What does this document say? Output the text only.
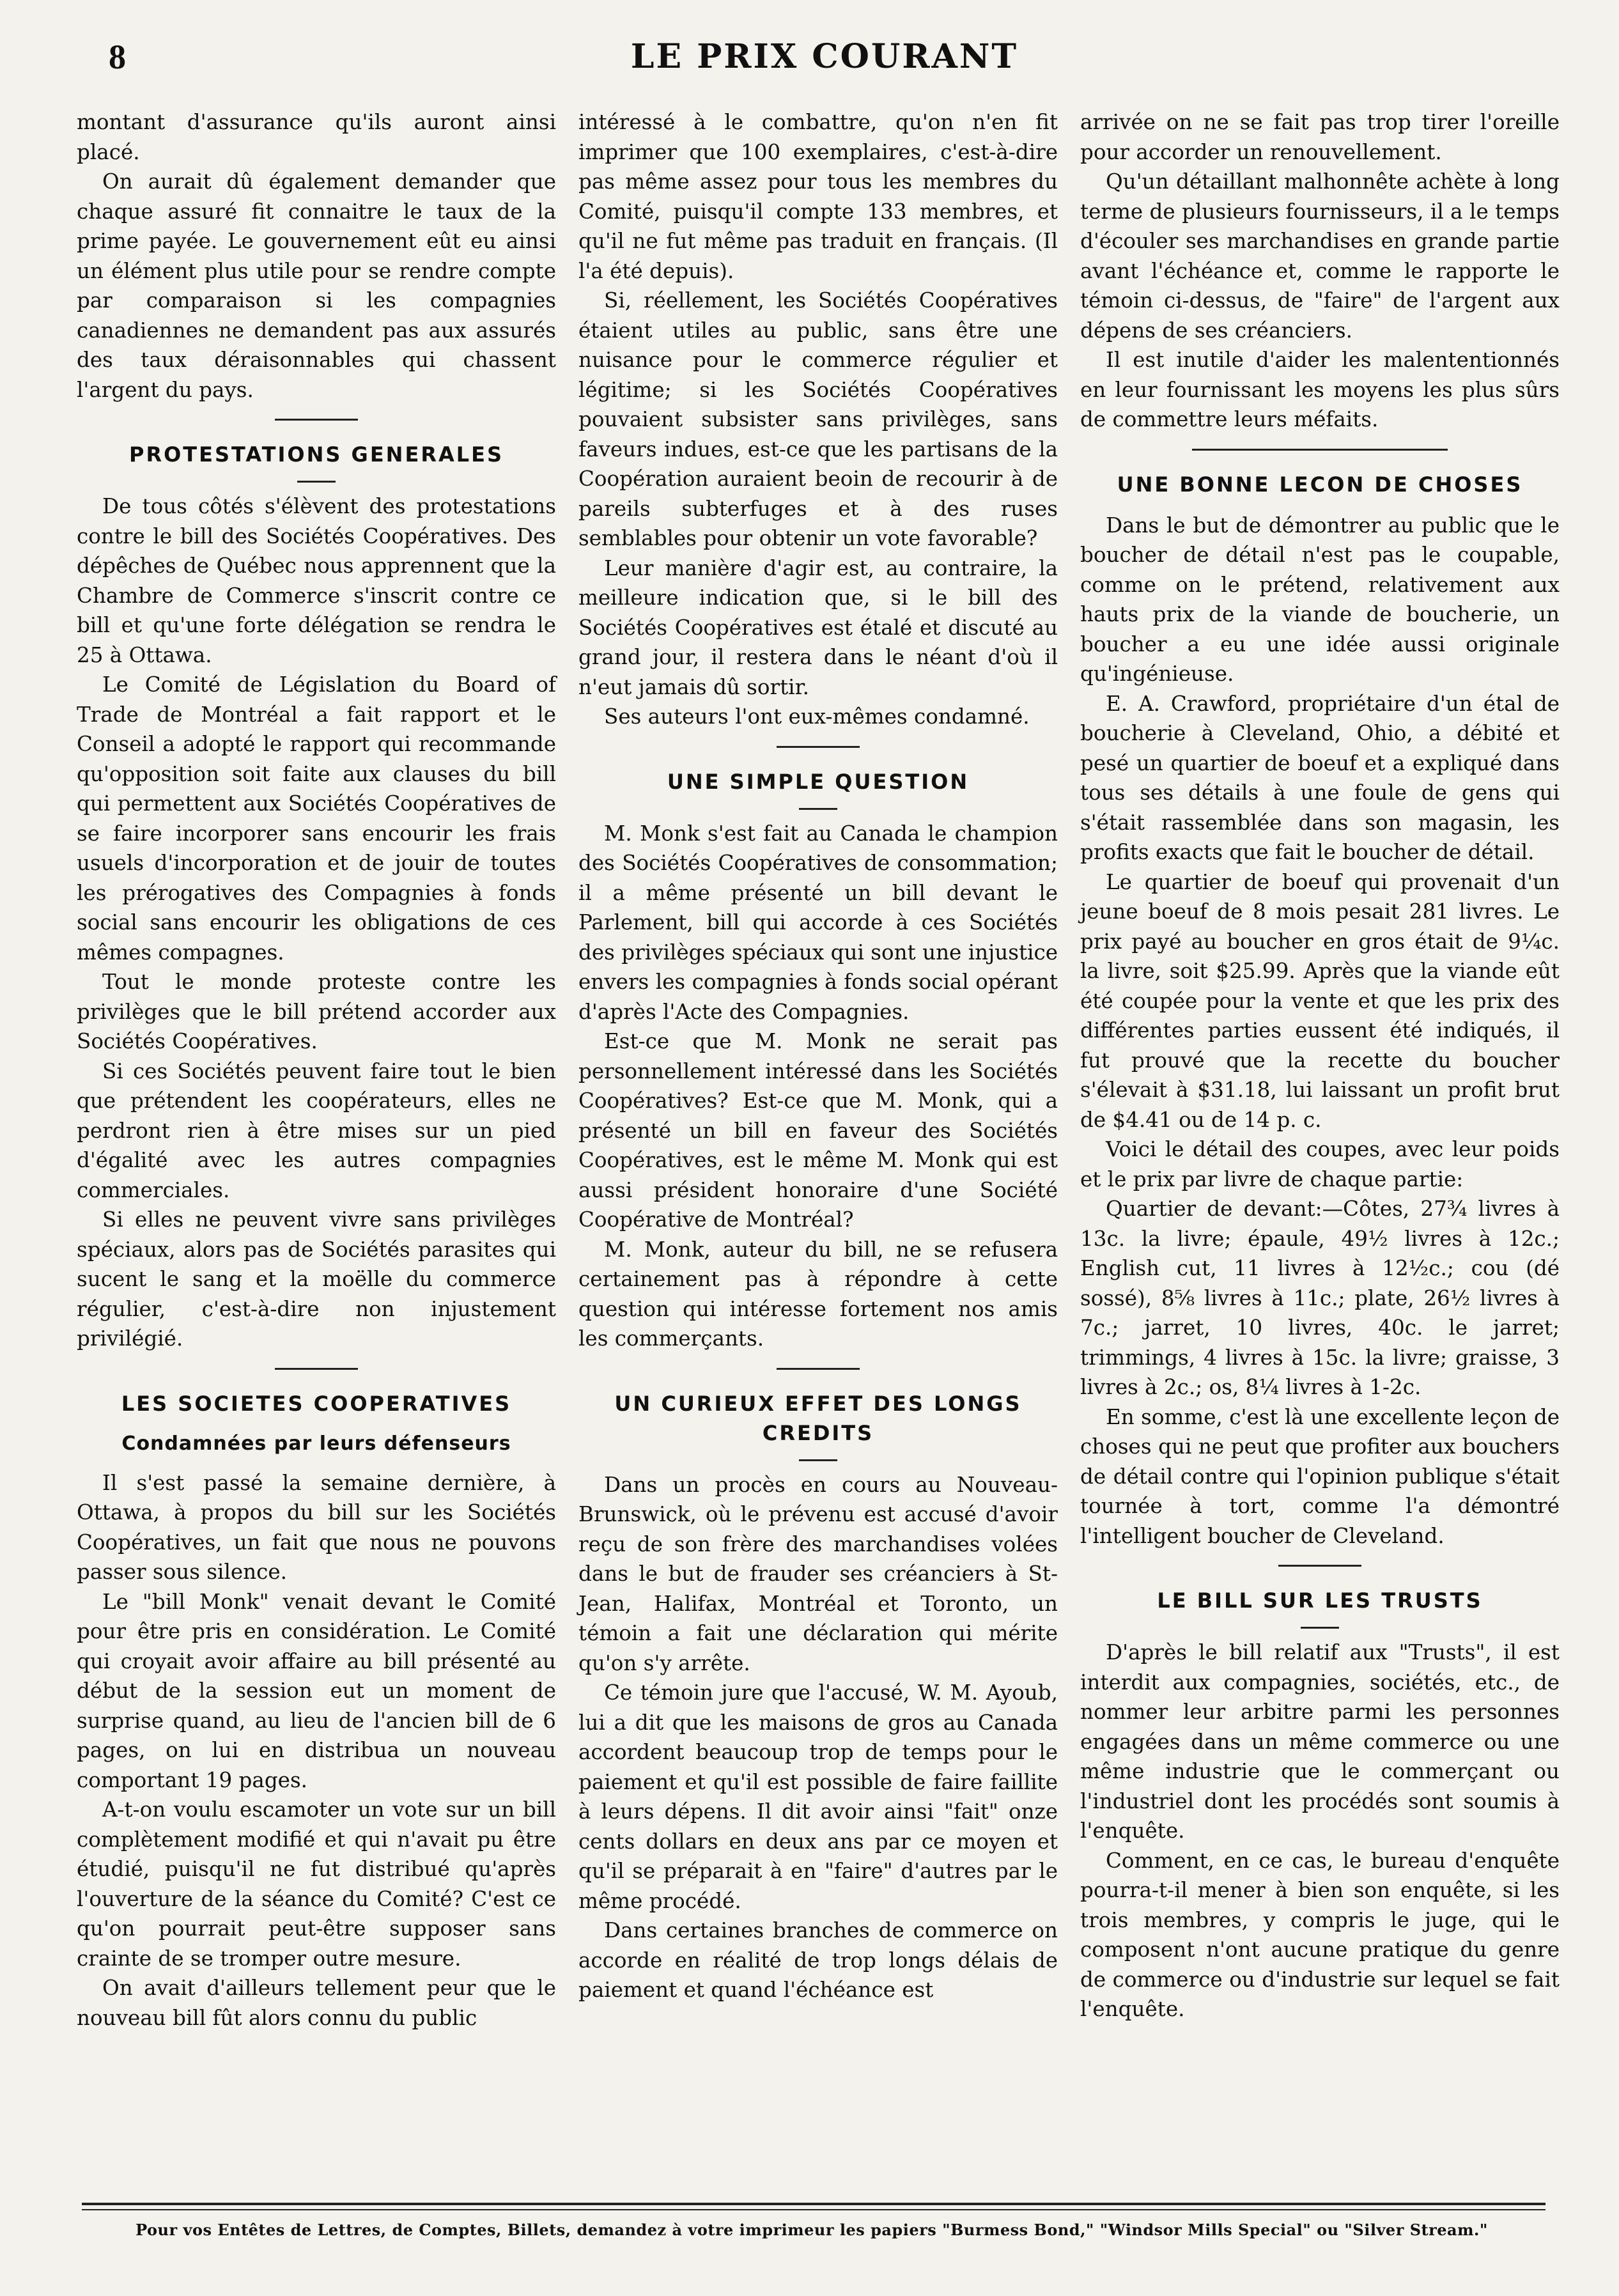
8	LE PRIX COURANT

montant d'assurance qu'ils auront ainsi placé.

On aurait dû également demander que chaque assuré fit connaitre le taux de la prime payée. Le gouvernement eût eu ainsi un élément plus utile pour se rendre compte par comparaison si les compagnies canadiennes ne demandent pas aux assurés des taux déraisonnables qui chassent l'argent du pays.

PROTESTATIONS GENERALES

De tous côtés s'élèvent des protestations contre le bill des Sociétés Coopératives. Des dépêches de Québec nous apprennent que la Chambre de Commerce s'inscrit contre ce bill et qu'une forte délégation se rendra le 25 à Ottawa.

Le Comité de Législation du Board of Trade de Montréal a fait rapport et le Conseil a adopté le rapport qui recommande qu'opposition soit faite aux clauses du bill qui permettent aux Sociétés Coopératives de se faire incorporer sans encourir les frais usuels d'incorporation et de jouir de toutes les prérogatives des Compagnies à fonds social sans encourir les obligations de ces mêmes compagnes.

Tout le monde proteste contre les privilèges que le bill prétend accorder aux Sociétés Coopératives.

Si ces Sociétés peuvent faire tout le bien que prétendent les coopérateurs, elles ne perdront rien à être mises sur un pied d'égalité avec les autres compagnies commerciales.

Si elles ne peuvent vivre sans privilèges spéciaux, alors pas de Sociétés parasites qui sucent le sang et la moëlle du commerce régulier, c'est-à-dire non injustement privilégié.

LES SOCIETES COOPERATIVES
Condamnées par leurs défenseurs

Il s'est passé la semaine dernière, à Ottawa, à propos du bill sur les Sociétés Coopératives, un fait que nous ne pouvons passer sous silence.

Le "bill Monk" venait devant le Comité pour être pris en considération. Le Comité qui croyait avoir affaire au bill présenté au début de la session eut un moment de surprise quand, au lieu de l'ancien bill de 6 pages, on lui en distribua un nouveau comportant 19 pages.

A-t-on voulu escamoter un vote sur un bill complètement modifié et qui n'avait pu être étudié, puisqu'il ne fut distribué qu'après l'ouverture de la séance du Comité? C'est ce qu'on pourrait peut-être supposer sans crainte de se tromper outre mesure.

On avait d'ailleurs tellement peur que le nouveau bill fût alors connu du public

intéressé à le combattre, qu'on n'en fit imprimer que 100 exemplaires, c'est-à-dire pas même assez pour tous les membres du Comité, puisqu'il compte 133 membres, et qu'il ne fut même pas traduit en français. (Il l'a été depuis).

Si, réellement, les Sociétés Coopératives étaient utiles au public, sans être une nuisance pour le commerce régulier et légitime; si les Sociétés Coopératives pouvaient subsister sans privilèges, sans faveurs indues, est-ce que les partisans de la Coopération auraient beoin de recourir à de pareils subterfuges et à des ruses semblables pour obtenir un vote favorable?

Leur manière d'agir est, au contraire, la meilleure indication que, si le bill des Sociétés Coopératives est étalé et discuté au grand jour, il restera dans le néant d'où il n'eut jamais dû sortir.

Ses auteurs l'ont eux-mêmes condamné.

UNE SIMPLE QUESTION

M. Monk s'est fait au Canada le champion des Sociétés Coopératives de consommation; il a même présenté un bill devant le Parlement, bill qui accorde à ces Sociétés des privilèges spéciaux qui sont une injustice envers les compagnies à fonds social opérant d'après l'Acte des Compagnies.

Est-ce que M. Monk ne serait pas personnellement intéressé dans les Sociétés Coopératives? Est-ce que M. Monk, qui a présenté un bill en faveur des Sociétés Coopératives, est le même M. Monk qui est aussi président honoraire d'une Société Coopérative de Montréal?

M. Monk, auteur du bill, ne se refusera certainement pas à répondre à cette question qui intéresse fortement nos amis les commerçants.

UN CURIEUX EFFET DES LONGS CREDITS

Dans un procès en cours au Nouveau-Brunswick, où le prévenu est accusé d'avoir reçu de son frère des marchandises volées dans le but de frauder ses créanciers à St-Jean, Halifax, Montréal et Toronto, un témoin a fait une déclaration qui mérite qu'on s'y arrête.

Ce témoin jure que l'accusé, W. M. Ayoub, lui a dit que les maisons de gros au Canada accordent beaucoup trop de temps pour le paiement et qu'il est possible de faire faillite à leurs dépens. Il dit avoir ainsi "fait" onze cents dollars en deux ans par ce moyen et qu'il se préparait à en "faire" d'autres par le même procédé.

Dans certaines branches de commerce on accorde en réalité de trop longs délais de paiement et quand l'échéance est

arrivée on ne se fait pas trop tirer l'oreille pour accorder un renouvellement.

Qu'un détaillant malhonnête achète à long terme de plusieurs fournisseurs, il a le temps d'écouler ses marchandises en grande partie avant l'échéance et, comme le rapporte le témoin ci-dessus, de "faire" de l'argent aux dépens de ses créanciers.

Il est inutile d'aider les malententionnés en leur fournissant les moyens les plus sûrs de commettre leurs méfaits.

UNE BONNE LECON DE CHOSES

Dans le but de démontrer au public que le boucher de détail n'est pas le coupable, comme on le prétend, relativement aux hauts prix de la viande de boucherie, un boucher a eu une idée aussi originale qu'ingénieuse.

E. A. Crawford, propriétaire d'un étal de boucherie à Cleveland, Ohio, a débité et pesé un quartier de boeuf et a expliqué dans tous ses détails à une foule de gens qui s'était rassemblée dans son magasin, les profits exacts que fait le boucher de détail.

Le quartier de boeuf qui provenait d'un jeune boeuf de 8 mois pesait 281 livres. Le prix payé au boucher en gros était de 9¼c. la livre, soit $25.99. Après que la viande eût été coupée pour la vente et que les prix des différentes parties eussent été indiqués, il fut prouvé que la recette du boucher s'élevait à $31.18, lui laissant un profit brut de $4.41 ou de 14 p. c.

Voici le détail des coupes, avec leur poids et le prix par livre de chaque partie:

Quartier de devant:—Côtes, 27¾ livres à 13c. la livre; épaule, 49½ livres à 12c.; English cut, 11 livres à 12½c.; cou (dé sossé), 8⅝ livres à 11c.; plate, 26½ livres à 7c.; jarret, 10 livres, 40c. le jarret; trimmings, 4 livres à 15c. la livre; graisse, 3 livres à 2c.; os, 8¼ livres à 1-2c.

En somme, c'est là une excellente leçon de choses qui ne peut que profiter aux bouchers de détail contre qui l'opinion publique s'était tournée à tort, comme l'a démontré l'intelligent boucher de Cleveland.

LE BILL SUR LES TRUSTS

D'après le bill relatif aux "Trusts", il est interdit aux compagnies, sociétés, etc., de nommer leur arbitre parmi les personnes engagées dans un même commerce ou une même industrie que le commerçant ou l'industriel dont les procédés sont soumis à l'enquête.

Comment, en ce cas, le bureau d'enquête pourra-t-il mener à bien son enquête, si les trois membres, y compris le juge, qui le composent n'ont aucune pratique du genre de commerce ou d'industrie sur lequel se fait l'enquête.

Pour vos Entêtes de Lettres, de Comptes, Billets, demandez à votre imprimeur les papiers "Burmess Bond," "Windsor Mills Special" ou "Silver Stream."
